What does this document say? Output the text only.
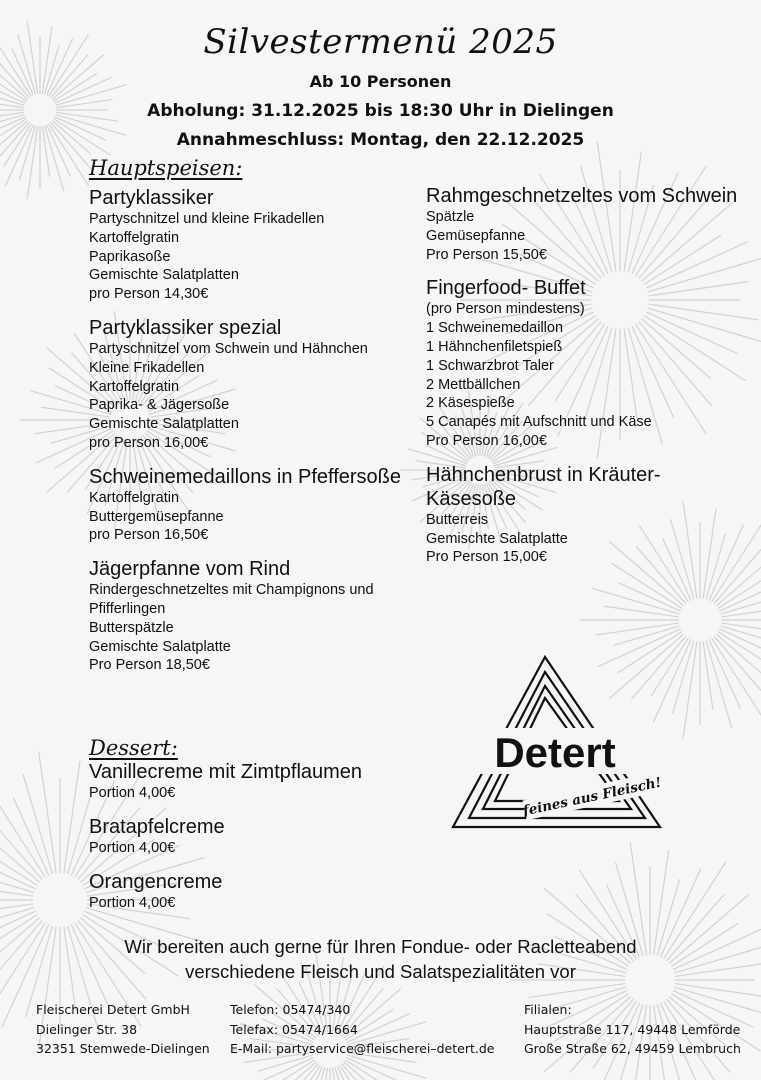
Silvestermenü 2025
Ab 10 Personen
Abholung: 31.12.2025 bis 18:30 Uhr in Dielingen
Annahmeschluss: Montag, den 22.12.2025
Hauptspeisen:
Partyklassiker
Partyschnitzel und kleine Frikadellen
Kartoffelgratin
Paprikasoße
Gemischte Salatplatten
pro Person 14,30€
Partyklassiker spezial
Partyschnitzel vom Schwein und Hähnchen
Kleine Frikadellen
Kartoffelgratin
Paprika- & Jägersoße
Gemischte Salatplatten
pro Person 16,00€
Schweinemedaillons in Pfeffersoße
Kartoffelgratin
Buttergemüsepfanne
pro Person 16,50€
Jägerpfanne vom Rind
Rindergeschnetzeltes mit Champignons und Pfifferlingen
Butterspätzle
Gemischte Salatplatte
Pro Person 18,50€
Rahmgeschnetzeltes vom Schwein
Spätzle
Gemüsepfanne
Pro Person 15,50€
Fingerfood- Buffet
(pro Person mindestens)
1 Schweinemedaillon
1 Hähnchenfiletspieß
1 Schwarzbrot Taler
2 Mettbällchen
2 Käsespieße
5 Canapés mit Aufschnitt und Käse
Pro Person 16,00€
Hähnchenbrust in Kräuter-Käsesoße
Butterreis
Gemischte Salatplatte
Pro Person 15,00€
Dessert:
Vanillecreme mit Zimtpflaumen
Portion 4,00€
Bratapfelcreme
Portion 4,00€
Orangencreme
Portion 4,00€
Detert
feines aus Fleisch!
Wir bereiten auch gerne für Ihren Fondue- oder Racletteabend
verschiedene Fleisch und Salatspezialitäten vor
Fleischerei Detert GmbH
Dielinger Str. 38
32351 Stemwede-Dielingen
Telefon: 05474/340
Telefax: 05474/1664
E-Mail: partyservice@fleischerei–detert.de
Filialen:
Hauptstraße 117, 49448 Lemförde
Große Straße 62, 49459 Lembruch
